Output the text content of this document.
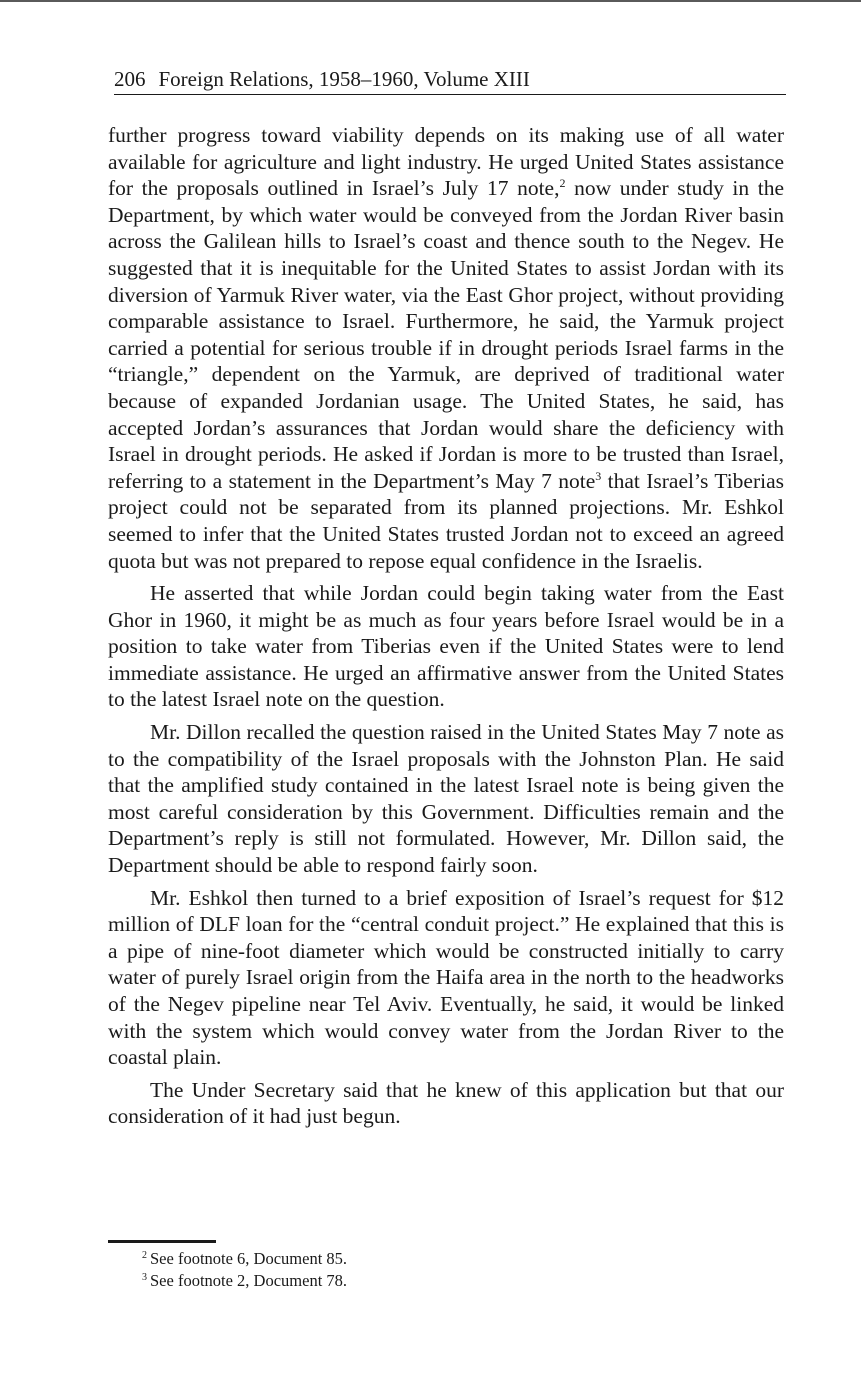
206 Foreign Relations, 1958–1960, Volume XIII

further progress toward viability depends on its making use of all water available for agriculture and light industry. He urged United States assistance for the proposals outlined in Israel’s July 17 note,$^2$ now under study in the Department, by which water would be conveyed from the Jordan River basin across the Galilean hills to Israel’s coast and thence south to the Negev. He suggested that it is inequitable for the United States to assist Jordan with its diversion of Yarmuk River water, via the East Ghor project, without providing comparable assistance to Israel. Furthermore, he said, the Yarmuk project carried a potential for serious trouble if in drought periods Israel farms in the “triangle,” dependent on the Yarmuk, are deprived of traditional water because of expanded Jordanian usage. The United States, he said, has accepted Jordan’s assurances that Jordan would share the deficiency with Israel in drought periods. He asked if Jordan is more to be trusted than Israel, referring to a statement in the Department’s May 7 note$^3$ that Israel’s Tiberias project could not be separated from its planned projections. Mr. Eshkol seemed to infer that the United States trusted Jordan not to exceed an agreed quota but was not prepared to repose equal confidence in the Israelis.

He asserted that while Jordan could begin taking water from the East Ghor in 1960, it might be as much as four years before Israel would be in a position to take water from Tiberias even if the United States were to lend immediate assistance. He urged an affirmative answer from the United States to the latest Israel note on the question.

Mr. Dillon recalled the question raised in the United States May 7 note as to the compatibility of the Israel proposals with the Johnston Plan. He said that the amplified study contained in the latest Israel note is being given the most careful consideration by this Government. Difficulties remain and the Department’s reply is still not formulated. However, Mr. Dillon said, the Department should be able to respond fairly soon.

Mr. Eshkol then turned to a brief exposition of Israel’s request for $12 million of DLF loan for the “central conduit project.” He explained that this is a pipe of nine-foot diameter which would be constructed initially to carry water of purely Israel origin from the Haifa area in the north to the headworks of the Negev pipeline near Tel Aviv. Eventually, he said, it would be linked with the system which would convey water from the Jordan River to the coastal plain.

The Under Secretary said that he knew of this application but that our consideration of it had just begun.

$^2$ See footnote 6, Document 85.
$^3$ See footnote 2, Document 78.
